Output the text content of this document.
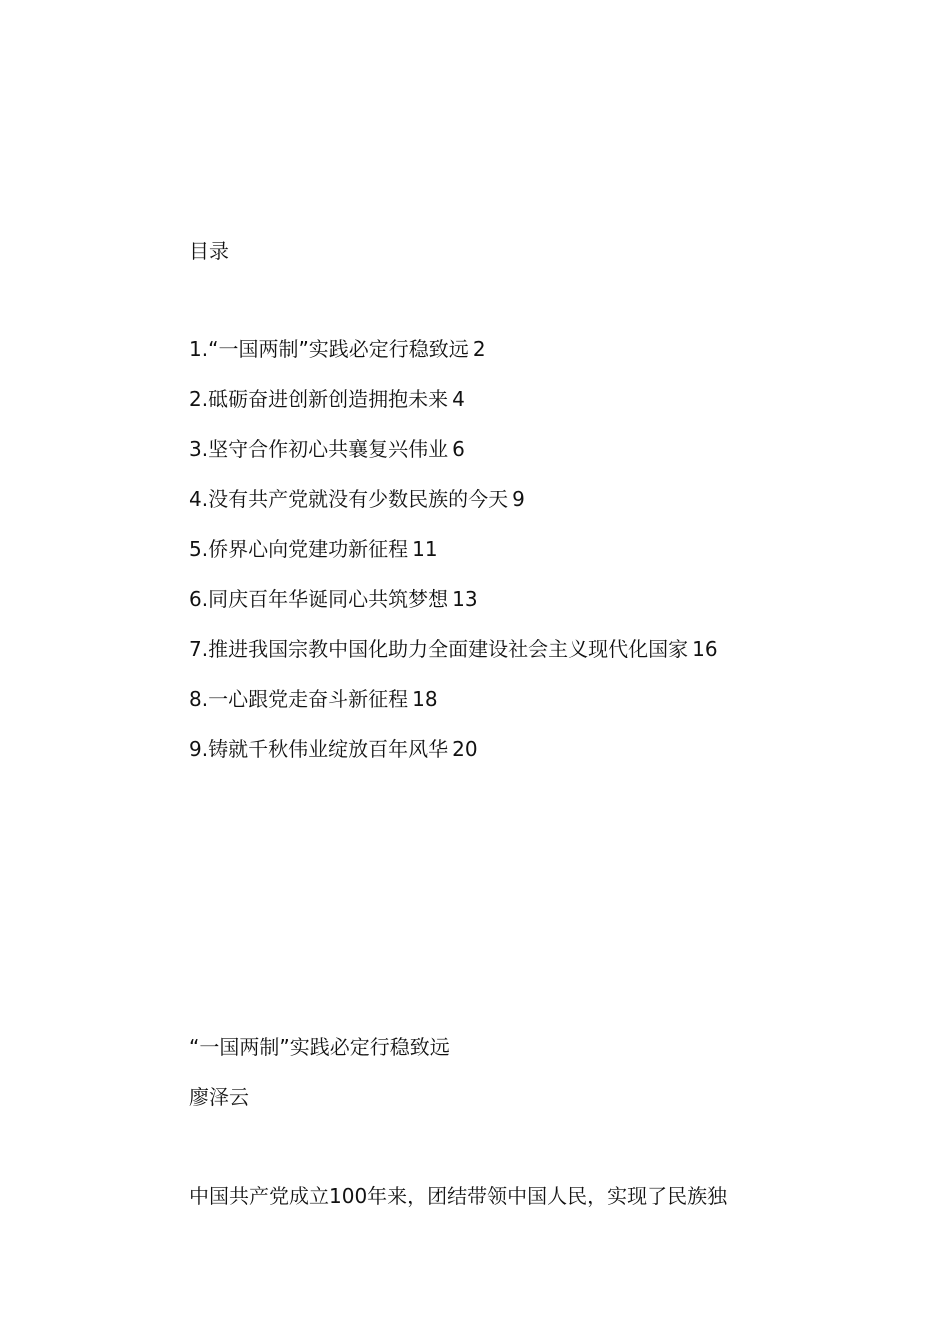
目录
1.“一国两制”实践必定行稳致远 2
2.砥砺奋进创新创造拥抱未来 4
3.坚守合作初心共襄复兴伟业 6
4.没有共产党就没有少数民族的今天 9
5.侨界心向党建功新征程 11
6.同庆百年华诞同心共筑梦想 13
7.推进我国宗教中国化助力全面建设社会主义现代化国家 16
8.一心跟党走奋斗新征程 18
9.铸就千秋伟业绽放百年风华 20
“一国两制”实践必定行稳致远
廖泽云
中国共产党成立100年来，团结带领中国人民，实现了民族独
